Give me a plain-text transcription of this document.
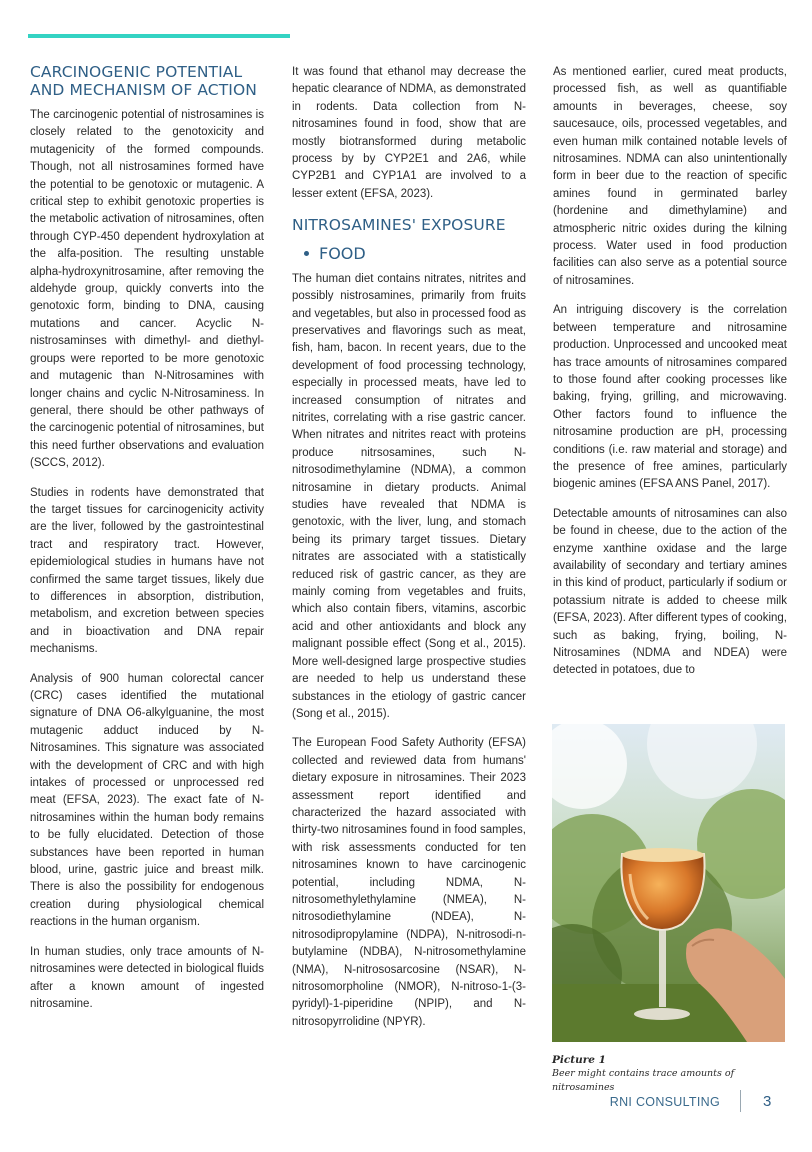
CARCINOGENIC POTENTIAL AND MECHANISM OF ACTION

The carcinogenic potential of nistrosamines is closely related to the genotoxicity and mutagenicity of the formed compounds. Though, not all nistrosamines formed have the potential to be genotoxic or mutagenic. A critical step to exhibit genotoxic properties is the metabolic activation of nitrosamines, often through CYP-450 dependent hydroxylation at the alfa-position. The resulting unstable alpha-hydroxynitrosamine, after removing the aldehyde group, quickly converts into the genotoxic form, binding to DNA, causing mutations and cancer. Acyclic N-nistrosaminses with dimethyl- and diethyl-groups were reported to be more genotoxic and mutagenic than N-Nitrosamines with longer chains and cyclic N-Nitrosaminess. In general, there should be other pathways of the carcinogenic potential of nitrosamines, but this need further observations and evaluation (SCCS, 2012).

Studies in rodents have demonstrated that the target tissues for carcinogenicity activity are the liver, followed by the gastrointestinal tract and respiratory tract. However, epidemiological studies in humans have not confirmed the same target tissues, likely due to differences in absorption, distribution, metabolism, and excretion between species and in bioactivation and DNA repair mechanisms.

Analysis of 900 human colorectal cancer (CRC) cases identified the mutational signature of DNA O6-alkylguanine, the most mutagenic adduct induced by N-Nitrosamines. This signature was associated with the development of CRC and with high intakes of processed or unprocessed red meat (EFSA, 2023). The exact fate of N-nitrosamines within the human body remains to be fully elucidated. Detection of those substances have been reported in human blood, urine, gastric juice and breast milk. There is also the possibility for endogenous creation during physiological chemical reactions in the human organism.

In human studies, only trace amounts of N-nitrosamines were detected in biological fluids after a known amount of ingested nitrosamine.

It was found that ethanol may decrease the hepatic clearance of NDMA, as demonstrated in rodents. Data collection from N-nitrosamines found in food, show that are mostly biotransformed during metabolic process by by CYP2E1 and 2A6, while CYP2B1 and CYP1A1 are involved to a lesser extent (EFSA, 2023).

NITROSAMINES' EXPOSURE
FOOD

The human diet contains nitrates, nitrites and possibly nistrosamines, primarily from fruits and vegetables, but also in processed food as preservatives and flavorings such as meat, fish, ham, bacon. In recent years, due to the development of food processing technology, especially in processed meats, have led to increased consumption of nitrates and nitrites, correlating with a rise gastric cancer. When nitrates and nitrites react with proteins produce nitrsosamines, such N-nitrosodimethylamine (NDMA), a common nitrosamine in dietary products. Animal studies have revealed that NDMA is genotoxic, with the liver, lung, and stomach being its primary target tissues. Dietary nitrates are associated with a statistically reduced risk of gastric cancer, as they are mainly coming from vegetables and fruits, which also contain fibers, vitamins, ascorbic acid and other antioxidants and block any malignant possible effect (Song et al., 2015). More well-designed large prospective studies are needed to help us understand these substances in the etiology of gastric cancer (Song et al., 2015).

The European Food Safety Authority (EFSA) collected and reviewed data from humans' dietary exposure in nitrosamines. Their 2023 assessment report identified and characterized the hazard associated with thirty-two nitrosamines found in food samples, with risk assessments conducted for ten nitrosamines known to have carcinogenic potential, including NDMA, N-nitrosomethylethylamine (NMEA), N-nitrosodiethylamine (NDEA), N-nitrosodipropylamine (NDPA), N-nitrosodi-n-butylamine (NDBA), N-nitrosomethylamine (NMA), N-nitrososarcosine (NSAR), N-nitrosomorpholine (NMOR), N-nitroso-1-(3-pyridyl)-1-piperidine (NPIP), and N-nitrosopyrrolidine (NPYR).

As mentioned earlier, cured meat products, processed fish, as well as quantifiable amounts in beverages, cheese, soy saucesauce, oils, processed vegetables, and even human milk contained notable levels of nitrosamines. NDMA can also unintentionally form in beer due to the reaction of specific amines found in germinated barley (hordenine and dimethylamine) and atmospheric nitric oxides during the kilning process. Water used in food production facilities can also serve as a potential source of nitrosamines.

An intriguing discovery is the correlation between temperature and nitrosamine production. Unprocessed and uncooked meat has trace amounts of nitrosamines compared to those found after cooking processes like baking, frying, grilling, and microwaving. Other factors found to influence the nitrosamine production are pH, processing conditions (i.e. raw material and storage) and the presence of free amines, particularly biogenic amines (EFSA ANS Panel, 2017).

Detectable amounts of nitrosamines can also be found in cheese, due to the action of the enzyme xanthine oxidase and the large availability of secondary and tertiary amines in this kind of product, particularly if sodium or potassium nitrate is added to cheese milk (EFSA, 2023). After different types of cooking, such as baking, frying, boiling, N-Nitrosamines (NDMA and NDEA) were detected in potatoes, due to

Picture 1
Beer might contains trace amounts of nitrosamines
RNI CONSULTING	3
